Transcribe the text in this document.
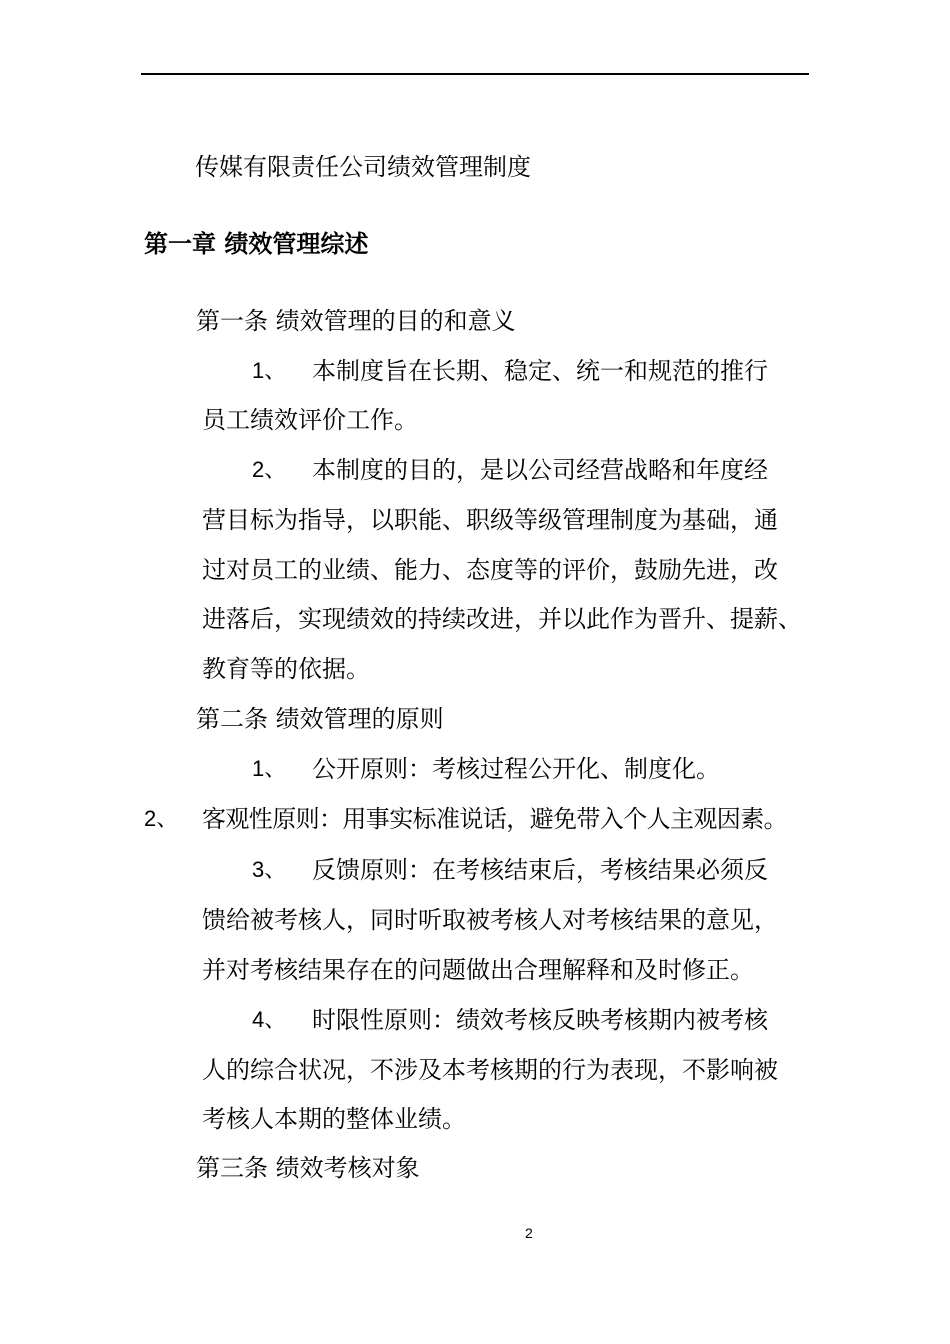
传媒有限责任公司绩效管理制度
第一章 绩效管理综述
第一条 绩效管理的目的和意义
1、 本制度旨在长期、稳定、统一和规范的推行
员工绩效评价工作。
2、 本制度的目的，是以公司经营战略和年度经
营目标为指导，以职能、职级等级管理制度为基础，通
过对员工的业绩、能力、态度等的评价，鼓励先进，改
进落后，实现绩效的持续改进，并以此作为晋升、提薪、
教育等的依据。
第二条 绩效管理的原则
1、 公开原则：考核过程公开化、制度化。
2、 客观性原则：用事实标准说话，避免带入个人主观因素。
3、 反馈原则：在考核结束后，考核结果必须反
馈给被考核人，同时听取被考核人对考核结果的意见，
并对考核结果存在的问题做出合理解释和及时修正。
4、 时限性原则：绩效考核反映考核期内被考核
人的综合状况，不涉及本考核期的行为表现，不影响被
考核人本期的整体业绩。
第三条 绩效考核对象
2
